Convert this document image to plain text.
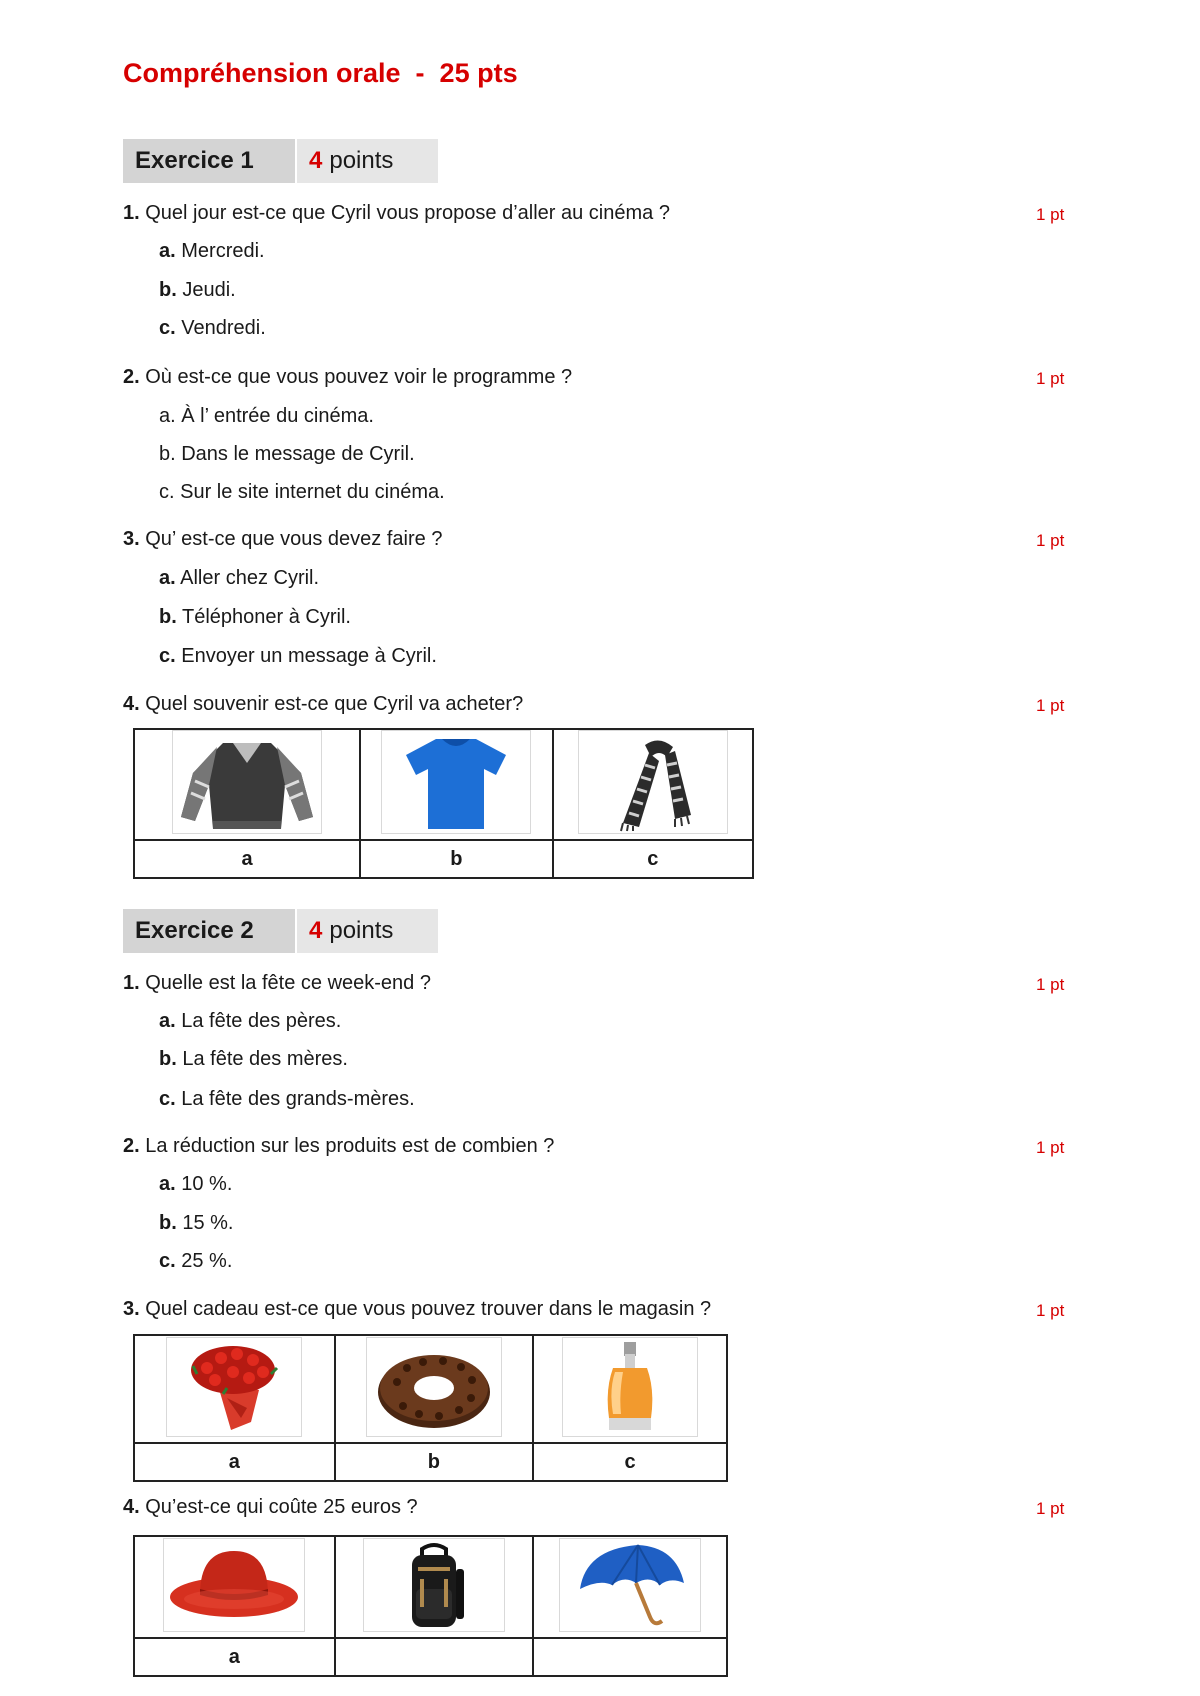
Compréhension orale  -  25 pts
Exercice 1	4 points
1. Quel jour est-ce que Cyril vous propose d’aller au cinéma ?	1 pt
a. Mercredi.
b. Jeudi.
c. Vendredi.
2. Où est-ce que vous pouvez voir le programme ?	1 pt
a. À l’ entrée du cinéma.
b. Dans le message de Cyril.
c. Sur le site internet du cinéma.
3. Qu’ est-ce que vous devez faire ?	1 pt
a. Aller chez Cyril.
b. Téléphoner à Cyril.
c. Envoyer un message à Cyril.
4. Quel souvenir est-ce que Cyril va acheter?	1 pt

a	b	c
Exercice 2	4 points
1. Quelle est la fête ce week-end ?	1 pt
a. La fête des pères.
b. La fête des mères.
c. La fête des grands-mères.
2. La réduction sur les produits est de combien ?	1 pt
a. 10 %.
b. 15 %.
c. 25 %.
3. Quel cadeau est-ce que vous pouvez trouver dans le magasin ?	1 pt

a	b	c
4. Qu’est-ce qui coûte 25 euros ?	1 pt

a		
